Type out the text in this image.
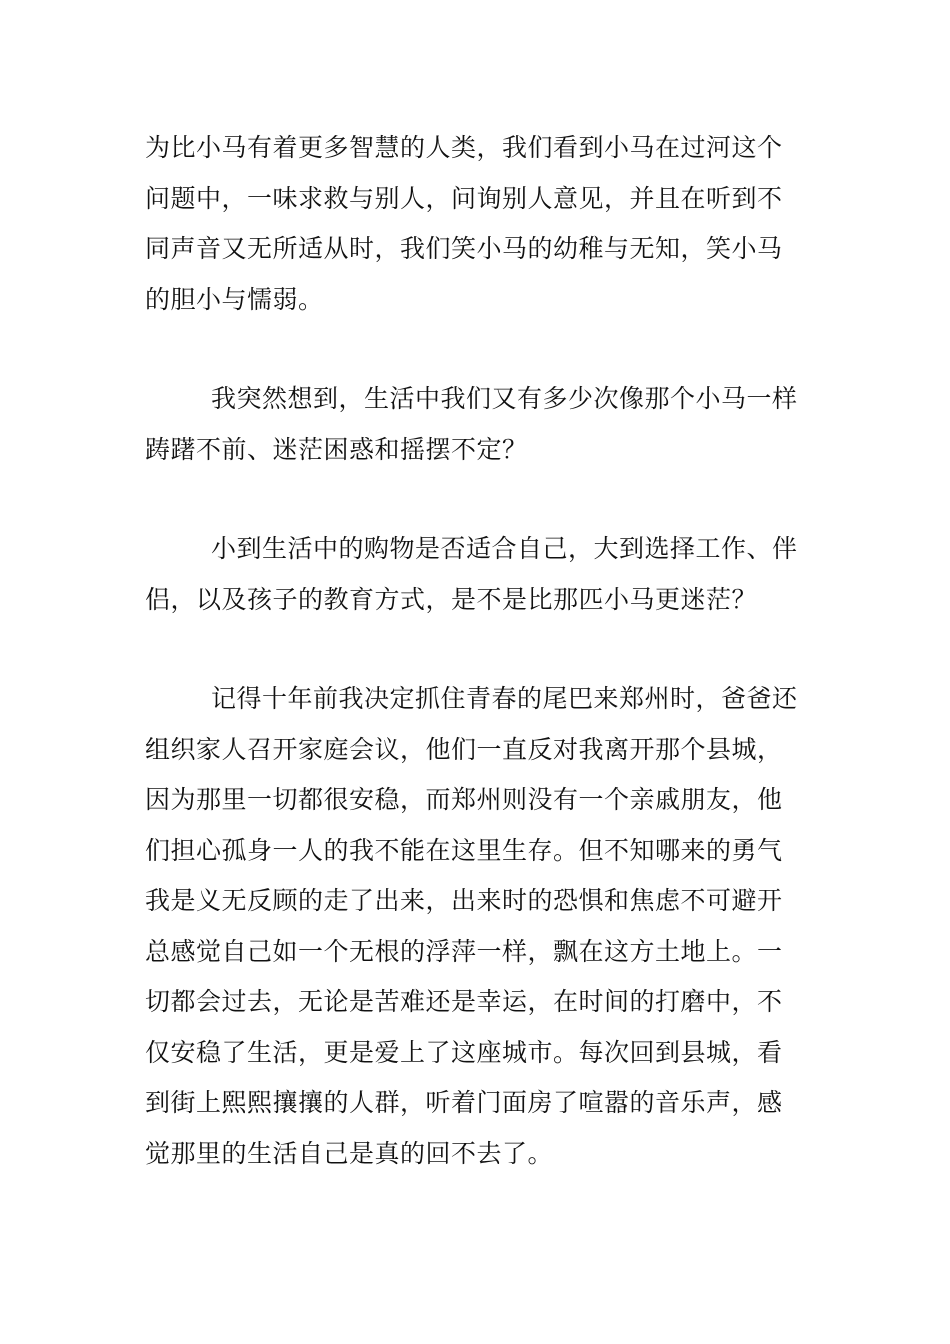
为比小马有着更多智慧的人类，我们看到小马在过河这个
问题中，一味求救与别人，问询别人意见，并且在听到不
同声音又无所适从时，我们笑小马的幼稚与无知，笑小马
的胆小与懦弱。
我突然想到，生活中我们又有多少次像那个小马一样
踌躇不前、迷茫困惑和摇摆不定？
小到生活中的购物是否适合自己，大到选择工作、伴
侣，以及孩子的教育方式，是不是比那匹小马更迷茫？
记得十年前我决定抓住青春的尾巴来郑州时，爸爸还
组织家人召开家庭会议，他们一直反对我离开那个县城，
因为那里一切都很安稳，而郑州则没有一个亲戚朋友，他
们担心孤身一人的我不能在这里生存。但不知哪来的勇气
我是义无反顾的走了出来，出来时的恐惧和焦虑不可避开
总感觉自己如一个无根的浮萍一样，飘在这方土地上。一
切都会过去，无论是苦难还是幸运，在时间的打磨中，不
仅安稳了生活，更是爱上了这座城市。每次回到县城，看
到街上熙熙攘攘的人群，听着门面房了喧嚣的音乐声，感
觉那里的生活自己是真的回不去了。
